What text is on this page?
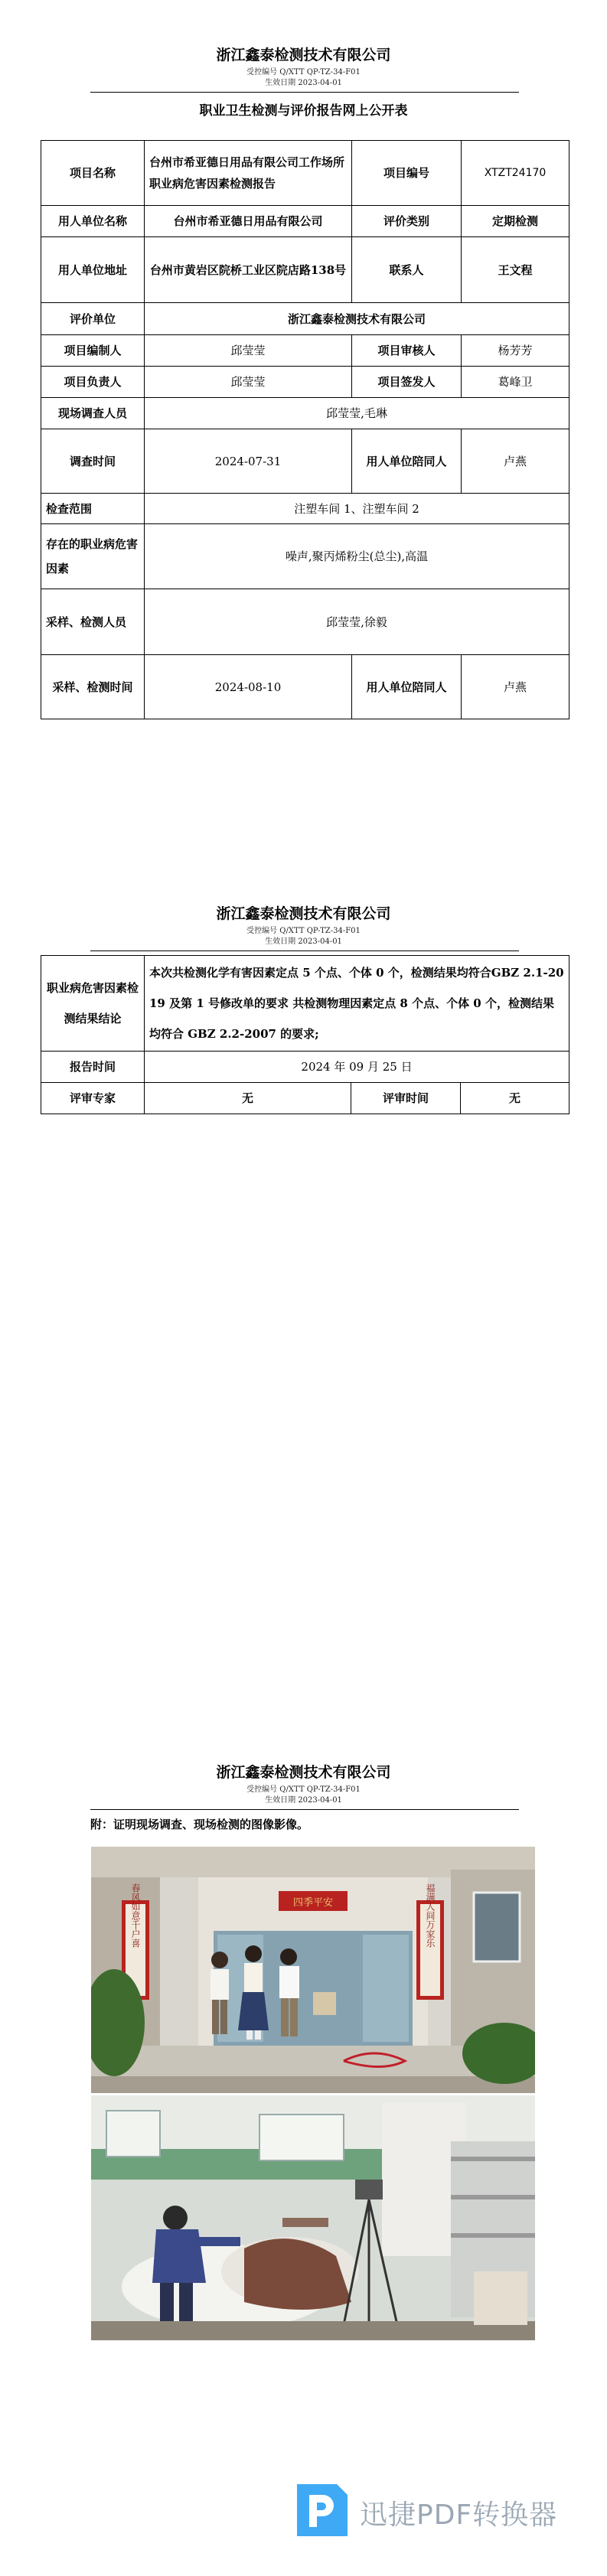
浙江鑫泰检测技术有限公司
受控编号 Q/XTT QP-TZ-34-F01
生效日期 2023-04-01
职业卫生检测与评价报告网上公开表
项目名称	台州市希亚德日用品有限公司工作场所职业病危害因素检测报告	项目编号	XTZT24170
用人单位名称	台州市希亚德日用品有限公司	评价类别	定期检测
用人单位地址	台州市黄岩区院桥工业区院店路138号	联系人	王文程
评价单位	浙江鑫泰检测技术有限公司		
项目编制人	邱莹莹	项目审核人	杨芳芳
项目负责人	邱莹莹	项目签发人	葛峰卫
现场调查人员	邱莹莹,毛琳		
调查时间	2024-07-31	用人单位陪同人	卢燕
检查范围	注塑车间 1、注塑车间 2		
存在的职业病危害因素	噪声,聚丙烯粉尘(总尘),高温		
采样、检测人员	邱莹莹,徐毅		
采样、检测时间	2024-08-10	用人单位陪同人	卢燕
浙江鑫泰检测技术有限公司
受控编号 Q/XTT QP-TZ-34-F01
生效日期 2023-04-01
职业病危害因素检测结果结论	本次共检测化学有害因素定点 5 个点、个体 0 个，检测结果均符合GBZ 2.1-2019 及第 1 号修改单的要求 共检测物理因素定点 8 个点、个体 0 个，检测结果均符合 GBZ 2.2-2007 的要求;		
报告时间	2024 年 09 月 25 日		
评审专家	无	评审时间	无
浙江鑫泰检测技术有限公司
受控编号 Q/XTT QP-TZ-34-F01
生效日期 2023-04-01
附：证明现场调查、现场检测的图像影像。
四季平安
春风如意千户喜	福满人间万家乐
迅捷PDF转换器
